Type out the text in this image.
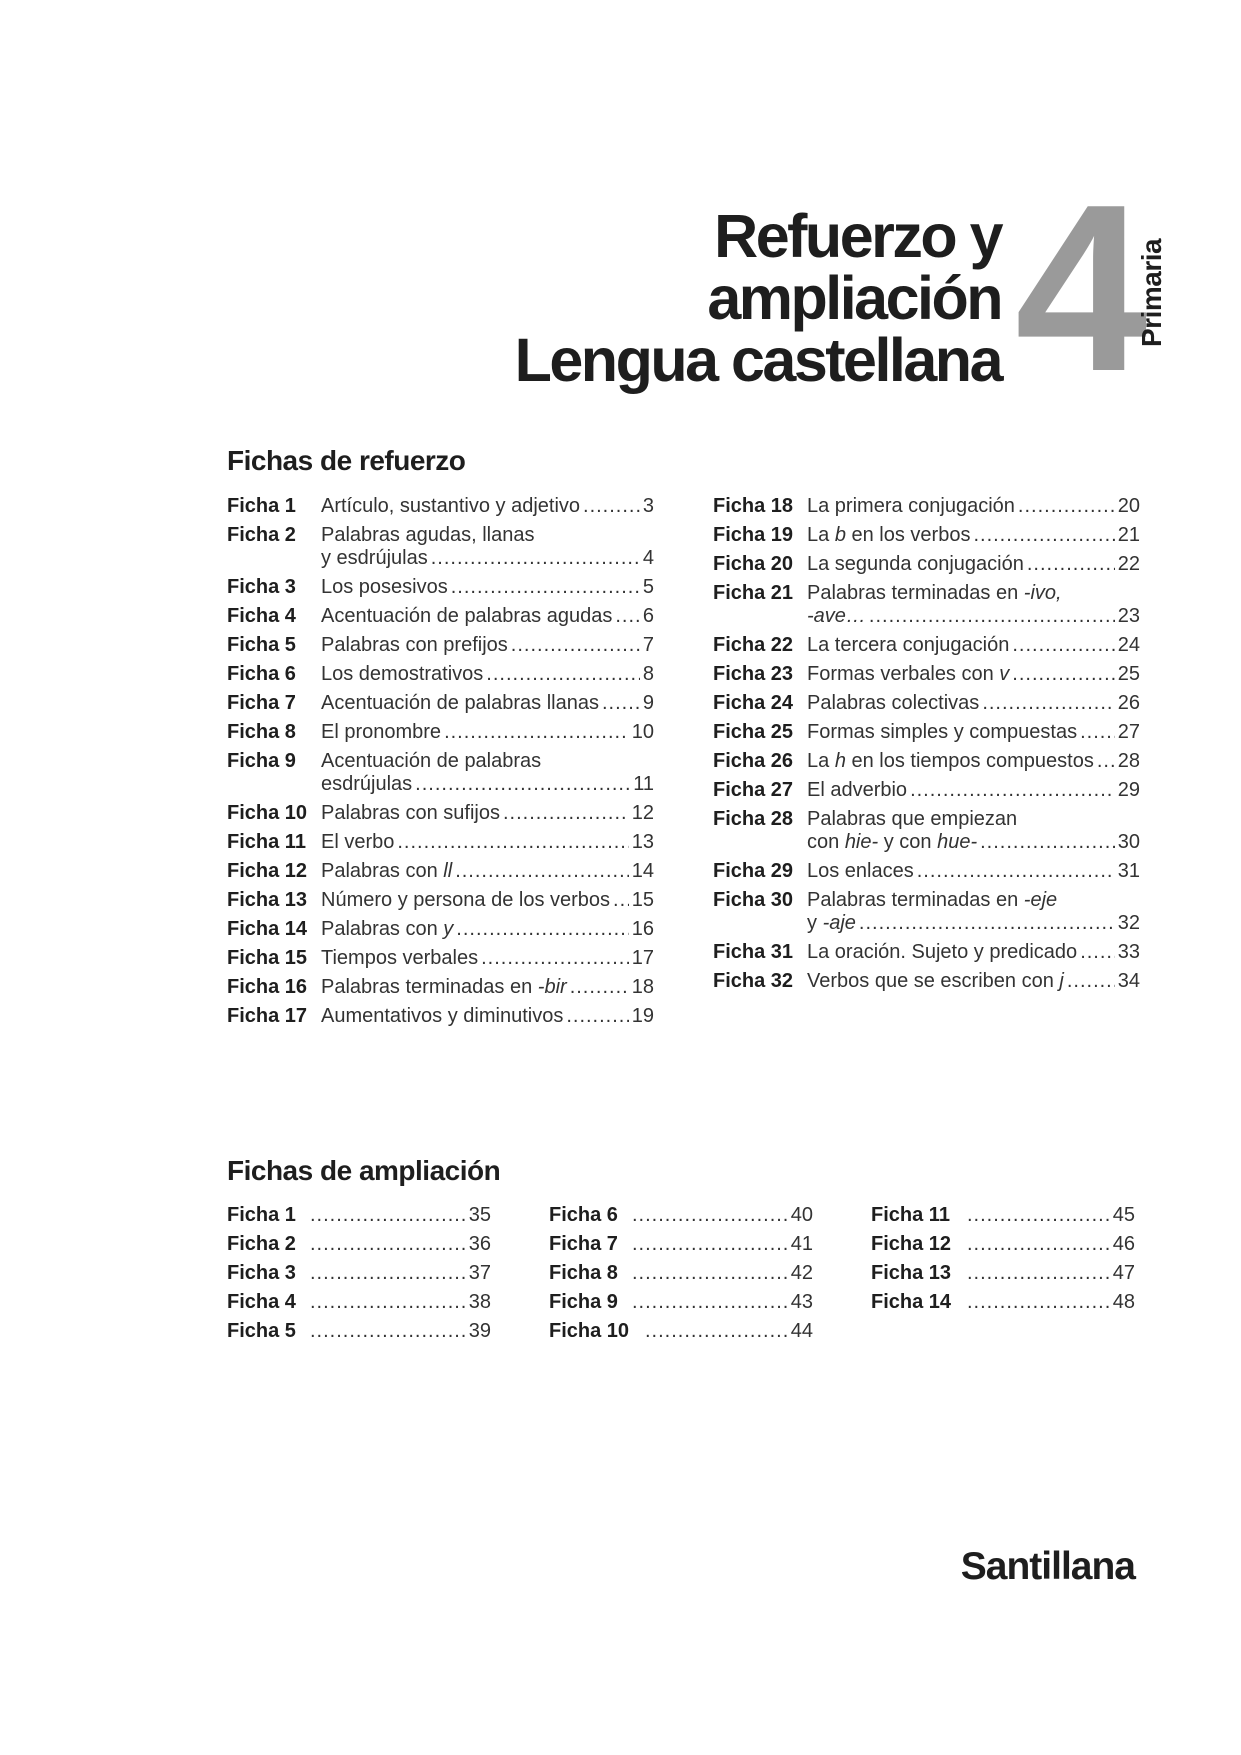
Refuerzo y
ampliación
Lengua castellana 4
Primaria
Fichas de refuerzo
Ficha 1	Artículo, sustantivo y adjetivo .....	3
Ficha 2	Palabras agudas, llanas
y esdrújulas .....	4
Ficha 3	Los posesivos .....	5
Ficha 4	Acentuación de palabras agudas ..... 6
Ficha 5	Palabras con prefijos .....	7
Ficha 6	Los demostrativos .....	8
Ficha 7	Acentuación de palabras llanas ..... 9
Ficha 8	El pronombre .....	10
Ficha 9	Acentuación de palabras
esdrújulas .....	11
Ficha 10 Palabras con sufijos .....	12
Ficha 11 El verbo .....	13
Ficha 12 Palabras con ll .....	14
Ficha 13 Número y persona de los verbos ..... 15
Ficha 14 Palabras con y .....	16
Ficha 15 Tiempos verbales .....	17
Ficha 16 Palabras terminadas en -bir .....	18
Ficha 17 Aumentativos y diminutivos .....	19
Ficha 18 La primera conjugación .....	20
Ficha 19 La b en los verbos .....	21
Ficha 20 La segunda conjugación .....	22
Ficha 21 Palabras terminadas en -ivo,
-ave… .....	23
Ficha 22 La tercera conjugación .....	24
Ficha 23 Formas verbales con v .....	25
Ficha 24 Palabras colectivas .....	26
Ficha 25 Formas simples y compuestas ..... 27
Ficha 26 La h en los tiempos compuestos ..... 28
Ficha 27 El adverbio .....	29
Ficha 28 Palabras que empiezan
con hie- y con hue- .....	30
Ficha 29 Los enlaces .....	31
Ficha 30 Palabras terminadas en -eje
y -aje .....	32
Ficha 31 La oración. Sujeto y predicado ..... 33
Ficha 32 Verbos que se escriben con j .....	34
Fichas de ampliación
Ficha 1 .....	35
Ficha 2 .....	36
Ficha 3 .....	37
Ficha 4 .....	38
Ficha 5 .....	39
Ficha 6 .....	40
Ficha 7 .....	41
Ficha 8 .....	42
Ficha 9 .....	43
Ficha 10 .....	44
Ficha 11 .....	45
Ficha 12 .....	46
Ficha 13 .....	47
Ficha 14 .....	48
Santillana
